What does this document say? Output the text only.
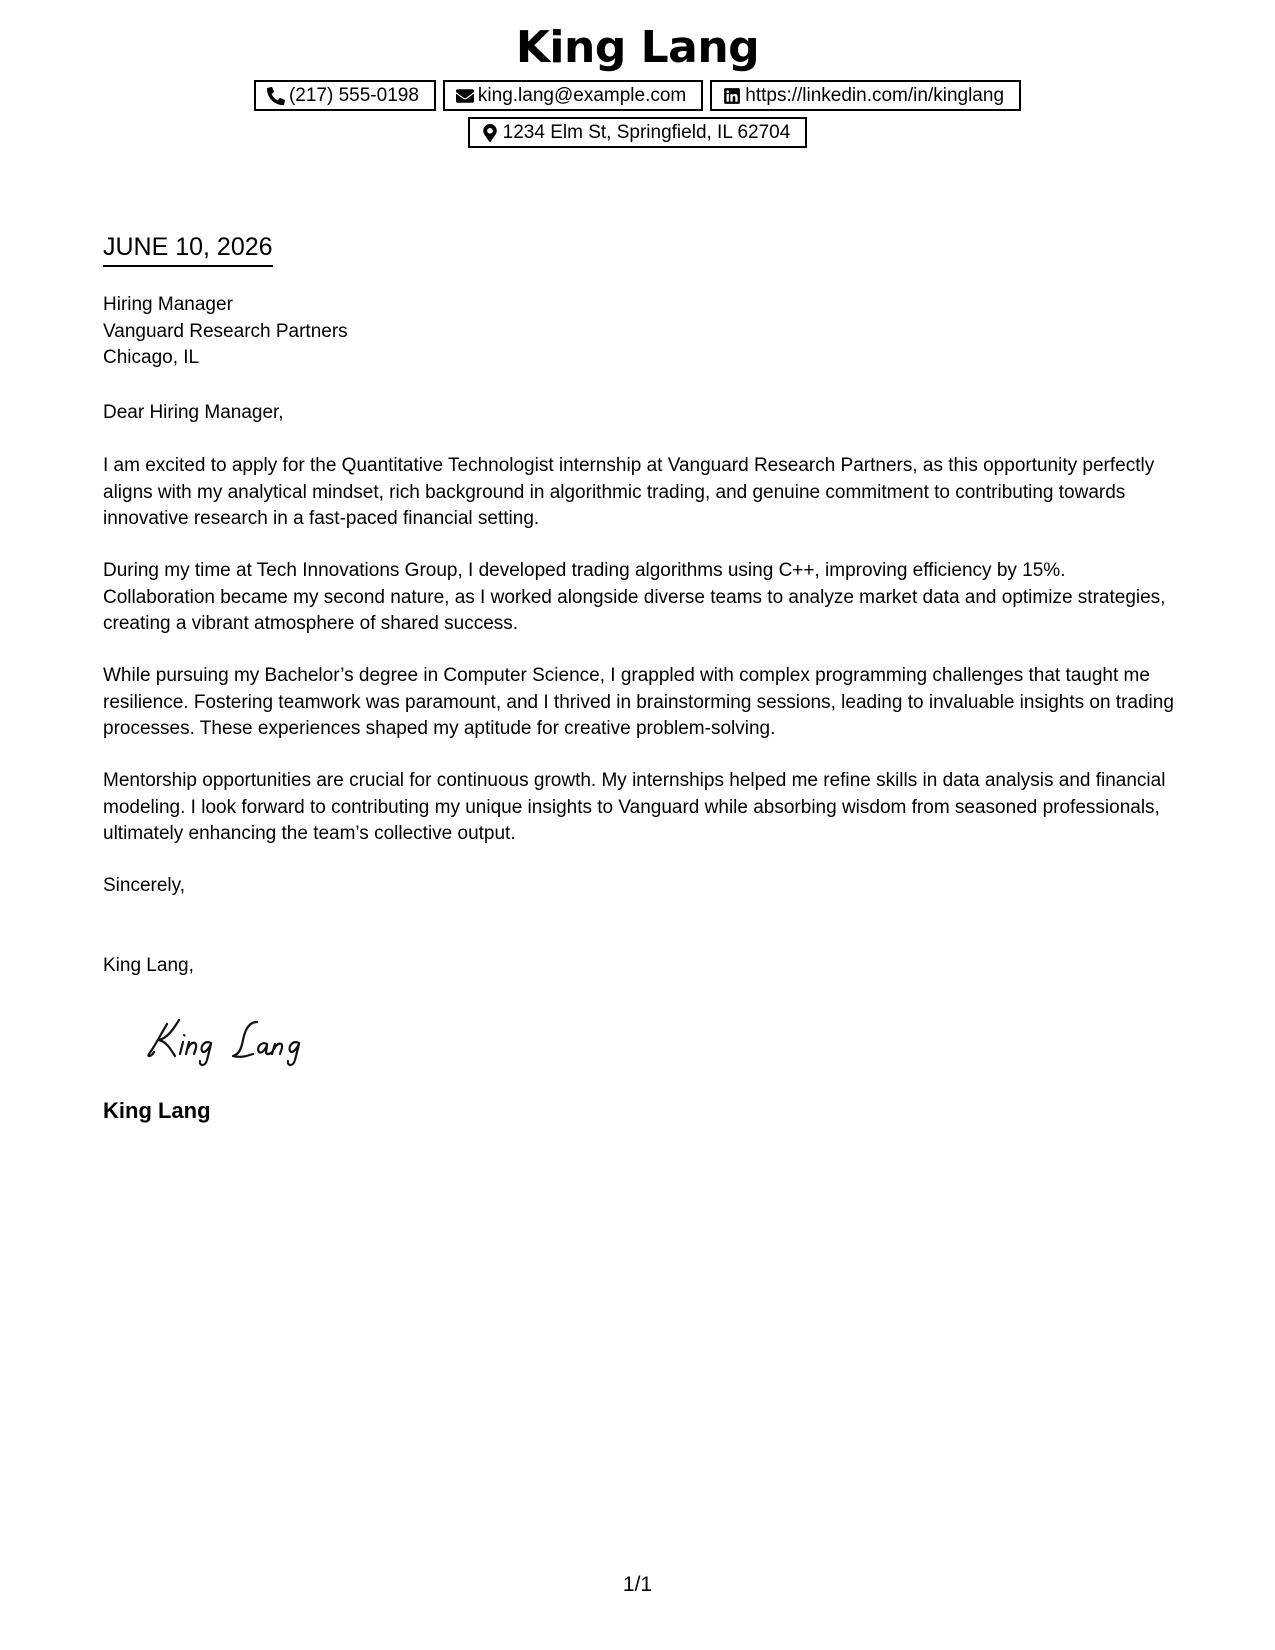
King Lang
(217) 555-0198	king.lang@example.com	https://linkedin.com/in/kinglang
1234 Elm St, Springfield, IL 62704
JUNE 10, 2026
Hiring Manager
Vanguard Research Partners
Chicago, IL

Dear Hiring Manager,

I am excited to apply for the Quantitative Technologist internship at Vanguard Research Partners, as this opportunity perfectly aligns with my analytical mindset, rich background in algorithmic trading, and genuine commitment to contributing towards innovative research in a fast-paced financial setting.

During my time at Tech Innovations Group, I developed trading algorithms using C++, improving efficiency by 15%. Collaboration became my second nature, as I worked alongside diverse teams to analyze market data and optimize strategies, creating a vibrant atmosphere of shared success.

While pursuing my Bachelor’s degree in Computer Science, I grappled with complex programming challenges that taught me resilience. Fostering teamwork was paramount, and I thrived in brainstorming sessions, leading to invaluable insights on trading processes. These experiences shaped my aptitude for creative problem-solving.

Mentorship opportunities are crucial for continuous growth. My internships helped me refine skills in data analysis and financial modeling. I look forward to contributing my unique insights to Vanguard while absorbing wisdom from seasoned professionals, ultimately enhancing the team’s collective output.

Sincerely,

King Lang,

King Lang
1/1
